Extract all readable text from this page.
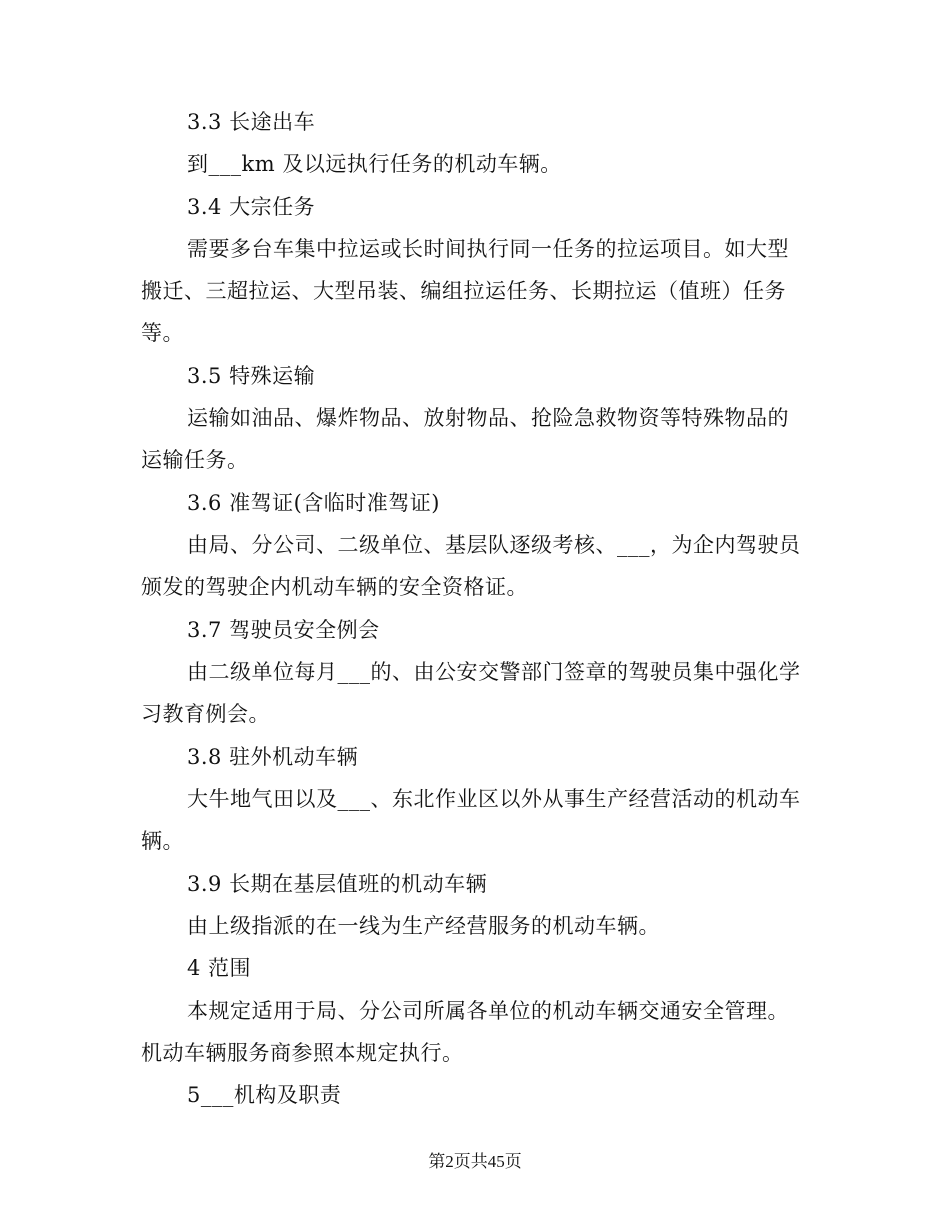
3.3 长途出车
到___km 及以远执行任务的机动车辆。
3.4 大宗任务
需要多台车集中拉运或长时间执行同一任务的拉运项目。如大型
搬迁、三超拉运、大型吊装、编组拉运任务、长期拉运（值班）任务
等。
3.5 特殊运输
运输如油品、爆炸物品、放射物品、抢险急救物资等特殊物品的
运输任务。
3.6 准驾证(含临时准驾证)
由局、分公司、二级单位、基层队逐级考核、___，为企内驾驶员
颁发的驾驶企内机动车辆的安全资格证。
3.7 驾驶员安全例会
由二级单位每月___的、由公安交警部门签章的驾驶员集中强化学
习教育例会。
3.8 驻外机动车辆
大牛地气田以及___、东北作业区以外从事生产经营活动的机动车
辆。
3.9 长期在基层值班的机动车辆
由上级指派的在一线为生产经营服务的机动车辆。
4 范围
本规定适用于局、分公司所属各单位的机动车辆交通安全管理。
机动车辆服务商参照本规定执行。
5___机构及职责
第2页共45页
